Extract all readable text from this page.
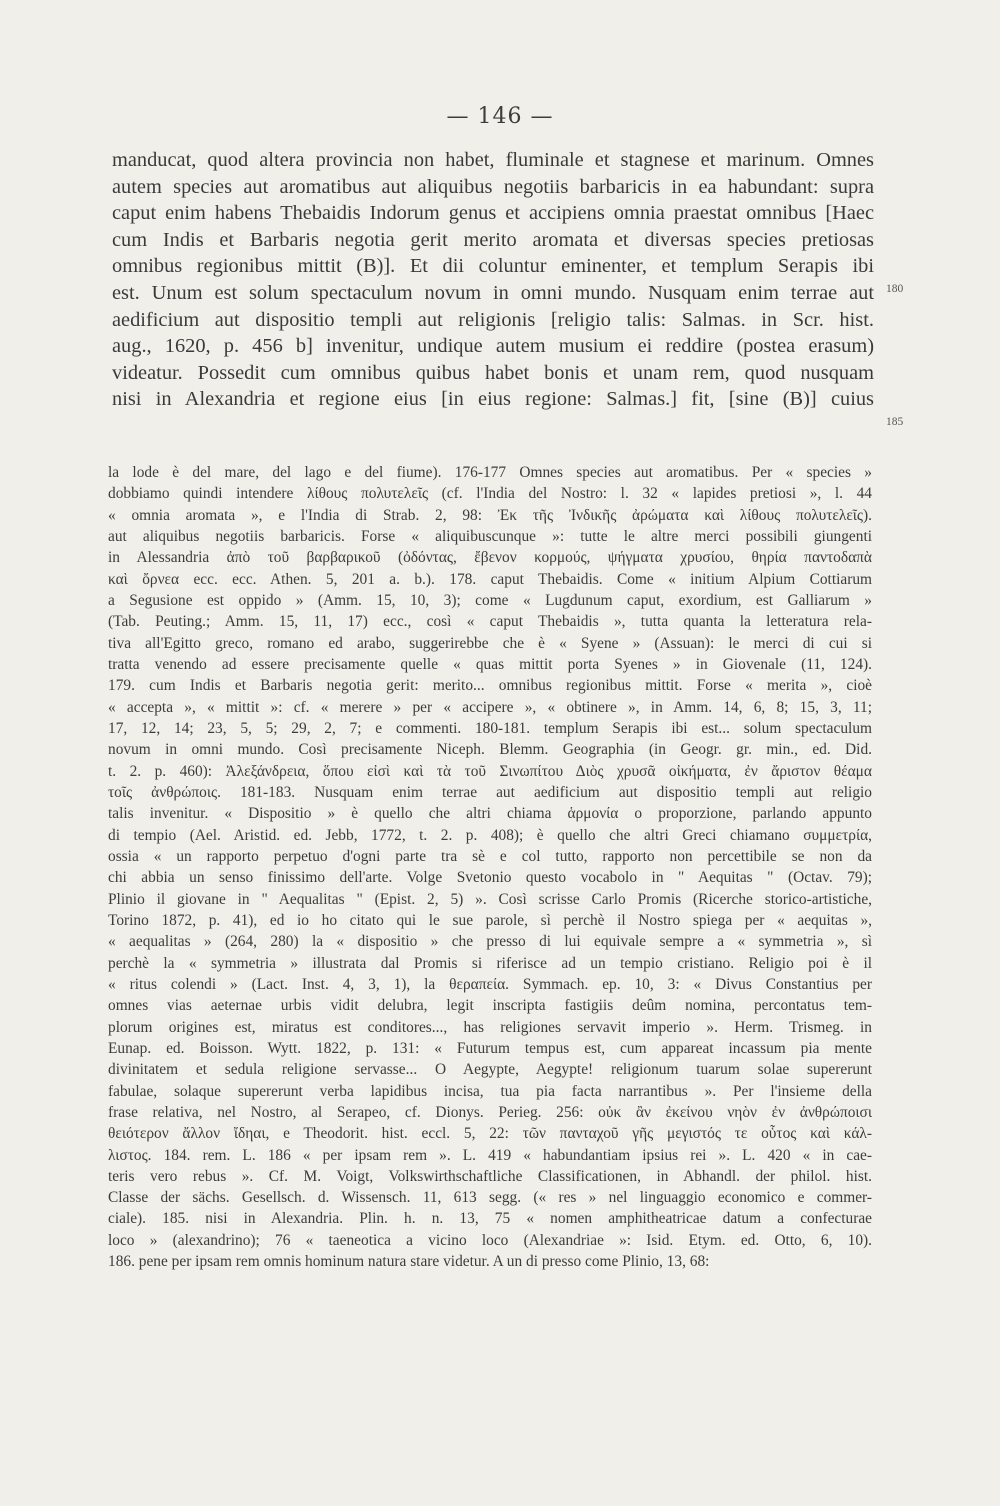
— 146 —
manducat, quod altera provincia non habet, fluminale et stagnese et marinum. Omnes
autem species aut aromatibus aut aliquibus negotiis barbaricis in ea habundant: supra
caput enim habens Thebaidis Indorum genus et accipiens omnia praestat omnibus [Haec
cum Indis et Barbaris negotia gerit merito aromata et diversas species pretiosas
omnibus regionibus mittit (B)]. Et dii coluntur eminenter, et templum Serapis ibi
est. Unum est solum spectaculum novum in omni mundo. Nusquam enim terrae aut
aedificium aut dispositio templi aut religionis [religio talis: Salmas. in Scr. hist.
aug., 1620, p. 456 b] invenitur, undique autem musium ei reddire (postea erasum)
videatur. Possedit cum omnibus quibus habet bonis et unam rem, quod nusquam
nisi in Alexandria et regione eius [in eius regione: Salmas.] fit, [sine (B)] cuius
180
185
la lode è del mare, del lago e del fiume). 176-177 Omnes species aut aromatibus. Per « species »
dobbiamo quindi intendere λίθους πολυτελεῖς (cf. l'India del Nostro: l. 32 « lapides pretiosi », l. 44
« omnia aromata », e l'India di Strab. 2, 98: Ἐκ τῆς Ἰνδικῆς ἀρώματα καὶ λίθους πολυτελεῖς).
aut aliquibus negotiis barbaricis. Forse « aliquibuscunque »: tutte le altre merci possibili giungenti
in Alessandria ἀπὸ τοῦ βαρβαρικοῦ (ὀδόντας, ἔβενον κορμούς, ψήγματα χρυσίου, θηρία παντοδαπὰ
καὶ ὄρνεα ecc. ecc. Athen. 5, 201 a. b.). 178. caput Thebaidis. Come « initium Alpium Cottiarum
a Segusione est oppido » (Amm. 15, 10, 3); come « Lugdunum caput, exordium, est Galliarum »
(Tab. Peuting.; Amm. 15, 11, 17) ecc., così « caput Thebaidis », tutta quanta la letteratura rela-
tiva all'Egitto greco, romano ed arabo, suggerirebbe che è « Syene » (Assuan): le merci di cui si
tratta venendo ad essere precisamente quelle « quas mittit porta Syenes » in Giovenale (11, 124).
179. cum Indis et Barbaris negotia gerit: merito... omnibus regionibus mittit. Forse « merita », cioè
« accepta », « mittit »: cf. « merere » per « accipere », « obtinere », in Amm. 14, 6, 8; 15, 3, 11;
17, 12, 14; 23, 5, 5; 29, 2, 7; e commenti. 180-181. templum Serapis ibi est... solum spectaculum
novum in omni mundo. Così precisamente Niceph. Blemm. Geographia (in Geogr. gr. min., ed. Did.
t. 2. p. 460): Ἀλεξάνδρεια, ὅπου εἰσὶ καὶ τὰ τοῦ Σινωπίτου Διὸς χρυσᾶ οἰκήματα, ἐν ἄριστον θέαμα
τοῖς ἀνθρώποις. 181-183. Nusquam enim terrae aut aedificium aut dispositio templi aut religio
talis invenitur. « Dispositio » è quello che altri chiama ἁρμονία o proporzione, parlando appunto
di tempio (Ael. Aristid. ed. Jebb, 1772, t. 2. p. 408); è quello che altri Greci chiamano συμμετρία,
ossia « un rapporto perpetuo d'ogni parte tra sè e col tutto, rapporto non percettibile se non da
chi abbia un senso finissimo dell'arte. Volge Svetonio questo vocabolo in " Aequitas " (Octav. 79);
Plinio il giovane in " Aequalitas " (Epist. 2, 5) ». Così scrisse Carlo Promis (Ricerche storico-artistiche,
Torino 1872, p. 41), ed io ho citato qui le sue parole, sì perchè il Nostro spiega per « aequitas »,
« aequalitas » (264, 280) la « dispositio » che presso di lui equivale sempre a « symmetria », sì
perchè la « symmetria » illustrata dal Promis si riferisce ad un tempio cristiano. Religio poi è il
« ritus colendi » (Lact. Inst. 4, 3, 1), la θεραπεία. Symmach. ep. 10, 3: « Divus Constantius per
omnes vias aeternae urbis vidit delubra, legit inscripta fastigiis deûm nomina, percontatus tem-
plorum origines est, miratus est conditores..., has religiones servavit imperio ». Herm. Trismeg. in
Eunap. ed. Boisson. Wytt. 1822, p. 131: « Futurum tempus est, cum appareat incassum pia mente
divinitatem et sedula religione servasse... O Aegypte, Aegypte! religionum tuarum solae supererunt
fabulae, solaque supererunt verba lapidibus incisa, tua pia facta narrantibus ». Per l'insieme della
frase relativa, nel Nostro, al Serapeo, cf. Dionys. Perieg. 256: οὐκ ἂν ἐκείνου νηὸν ἐν ἀνθρώποισι
θειότερον ἄλλον ἴδηαι, e Theodorit. hist. eccl. 5, 22: τῶν πανταχοῦ γῆς μεγιστός τε οὗτος καὶ κάλ-
λιστος. 184. rem. L. 186 « per ipsam rem ». L. 419 « habundantiam ipsius rei ». L. 420 « in cae-
teris vero rebus ». Cf. M. Voigt, Volkswirthschaftliche Classificationen, in Abhandl. der philol. hist.
Classe der sächs. Gesellsch. d. Wissensch. 11, 613 segg. (« res » nel linguaggio economico e commer-
ciale). 185. nisi in Alexandria. Plin. h. n. 13, 75 « nomen amphitheatricae datum a confecturae
loco » (alexandrino); 76 « taeneotica a vicino loco (Alexandriae »: Isid. Etym. ed. Otto, 6, 10).
186. pene per ipsam rem omnis hominum natura stare videtur. A un di presso come Plinio, 13, 68:
